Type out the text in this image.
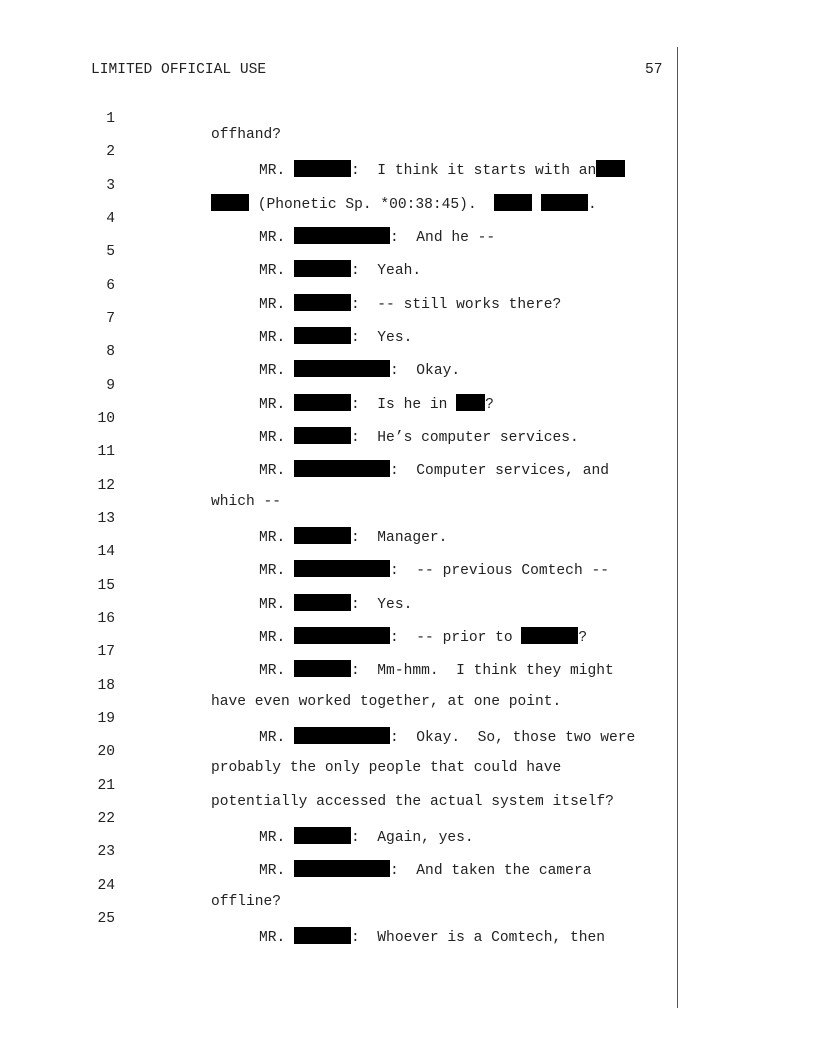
LIMITED OFFICIAL USE	57

1

offhand?

2

MR.	:  I think it starts with an

3

(Phonetic Sp. *00:38:45).	.

4

MR.	:  And he --

5

MR.	:  Yeah.

6

MR.	:  -- still works there?

7

MR.	:  Yes.

8

MR.	:  Okay.

9

MR.	:  Is he in ?

10

MR.	:  He’s computer services.

11

MR.	:  Computer services, and

12

which --

13

MR.	:  Manager.

14

MR.	:  -- previous Comtech --

15

MR.	:  Yes.

16

MR.	:  -- prior to	?

17

MR.	:  Mm-hmm.  I think they might

18

have even worked together, at one point.

19

MR.	:  Okay.  So, those two were

20

probably the only people that could have

21

potentially accessed the actual system itself?

22

MR.	:  Again, yes.

23

MR.	:  And taken the camera

24

offline?

25

MR.	:  Whoever is a Comtech, then
